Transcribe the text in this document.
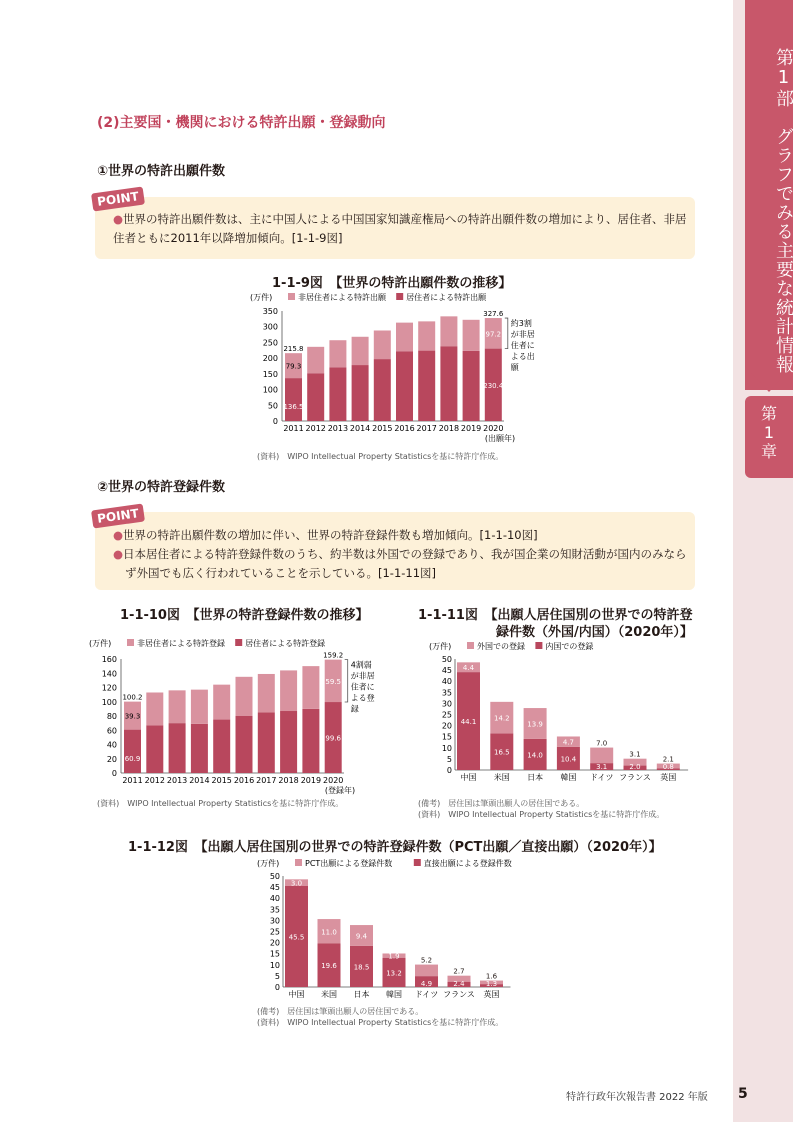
第1部　グラフでみる主要な統計情報
第
1
章
(2)主要国・機関における特許出願・登録動向
①世界の特許出願件数
POINT
●世界の特許出願件数は、主に中国人による中国国家知識産権局への特許出願件数の増加により、居住者、非居
住者ともに2011年以降増加傾向。[1-1-9図]
1-1-9図　【世界の特許出願件数の推移】
(万件)	非居住者による特許出願	居住者による特許出願
0
50
100
150
200
250
300
350
2011 2012 2013 2014 2015 2016 2017 2018 2019 2020
(出願年)
215.8
79.3
136.5
327.6
97.2
230.4
約3割
が非居
住者に
よる出
願
(資料)　WIPO Intellectual Property Statisticsを基に特許庁作成。
②世界の特許登録件数
POINT
●世界の特許出願件数の増加に伴い、世界の特許登録件数も増加傾向。[1-1-10図]
●日本居住者による特許登録件数のうち、約半数は外国での登録であり、我が国企業の知財活動が国内のみなら
ず外国でも広く行われていることを示している。[1-1-11図]
1-1-10図　【世界の特許登録件数の推移】
(万件)	非居住者による特許登録	居住者による特許登録
0
20
40
60
80
100
120
140
160
2011 2012 2013 2014 2015 2016 2017 2018 2019 2020
(登録年)
100.2
39.3
60.9
159.2
59.5
99.6
4割弱
が非居
住者に
よる登
録
(資料)　WIPO Intellectual Property Statisticsを基に特許庁作成。
1-1-11図　【出願人居住国別の世界での特許登
録件数（外国/内国）（2020年）】
(万件)	外国での登録	内国での登録
0
5
10
15
20
25
30
35
40
45
50
中国
4.4
44.1
米国
14.2
16.5
日本
13.9
14.0
韓国
4.7
10.4
ドイツ
7.0
3.1
フランス
3.1
2.0
英国
2.1
0.8
(備考)　居住国は筆頭出願人の居住国である。
(資料)　WIPO Intellectual Property Statisticsを基に特許庁作成。
1-1-12図　【出願人居住国別の世界での特許登録件数（PCT出願／直接出願）（2020年）】
(万件)	PCT出願による登録件数	直接出願による登録件数
0
5
10
15
20
25
30
35
40
45
50
中国
3.0
45.5
米国
11.0
19.6
日本
9.4
18.5
韓国
1.9
13.2
ドイツ
5.2
4.9
フランス
2.7
2.4
英国
1.6
1.3
(備考)　居住国は筆頭出願人の居住国である。
(資料)　WIPO Intellectual Property Statisticsを基に特許庁作成。
特許行政年次報告書 2022 年版 5
